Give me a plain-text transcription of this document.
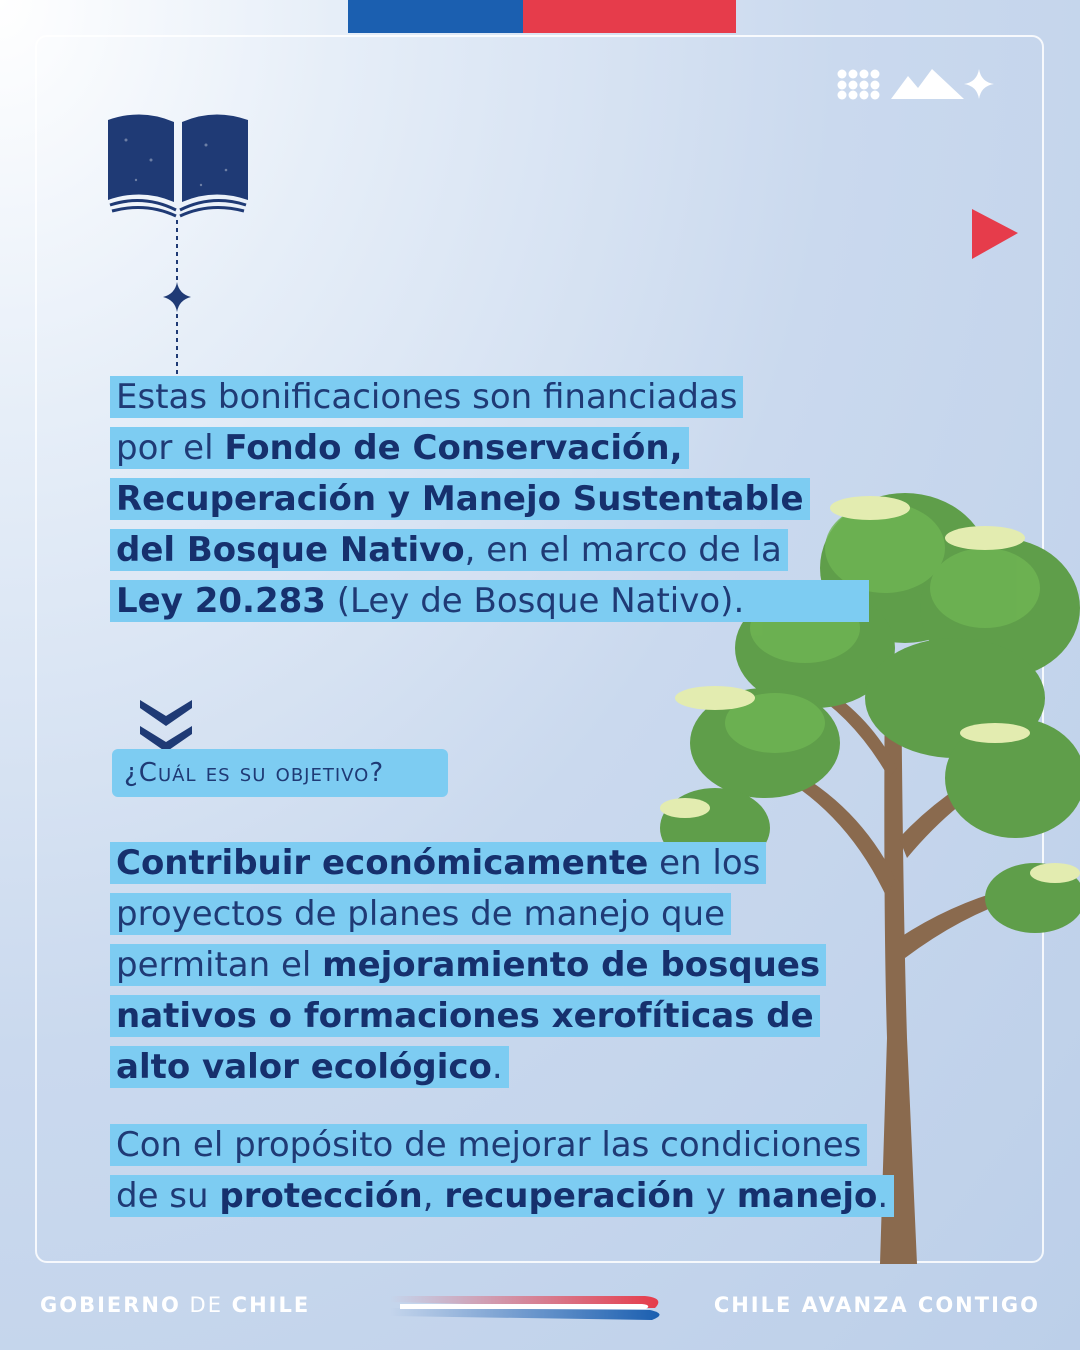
Estas bonificaciones son financiadas
por el Fondo de Conservación,
Recuperación y Manejo Sustentable
del Bosque Nativo, en el marco de la
Ley 20.283 (Ley de Bosque Nativo).
¿Cuál es su objetivo?
Contribuir económicamente en los
proyectos de planes de manejo que
permitan el mejoramiento de bosques
nativos o formaciones xerofíticas de
alto valor ecológico.
Con el propósito de mejorar las condiciones
de su protección, recuperación y manejo.
GOBIERNO DE CHILE	CHILE AVANZA CONTIGO
